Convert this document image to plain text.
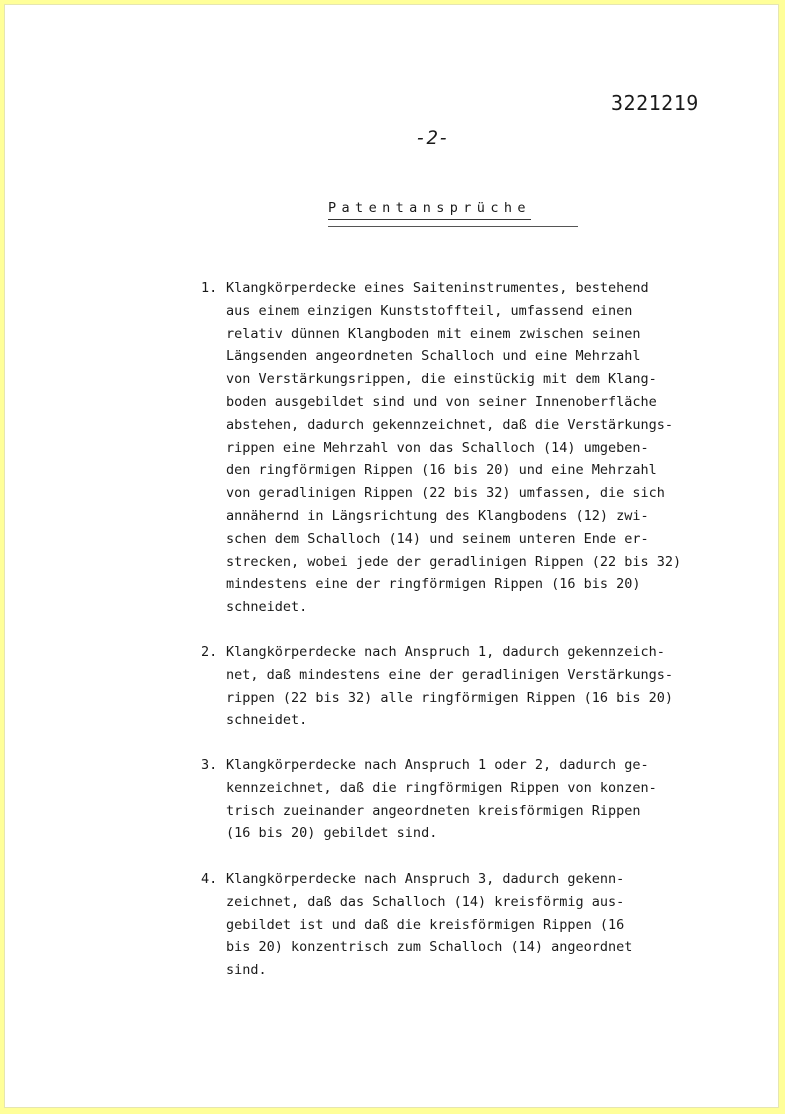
3221219
-2-
Patentansprüche
1. Klangkörperdecke eines Saiteninstrumentes, bestehend
aus einem einzigen Kunststoffteil, umfassend einen
relativ dünnen Klangboden mit einem zwischen seinen
Längsenden angeordneten Schalloch und eine Mehrzahl
von Verstärkungsrippen, die einstückig mit dem Klang-
boden ausgebildet sind und von seiner Innenoberfläche
abstehen, dadurch gekennzeichnet, daß die Verstärkungs-
rippen eine Mehrzahl von das Schalloch (14) umgeben-
den ringförmigen Rippen (16 bis 20) und eine Mehrzahl
von geradlinigen Rippen (22 bis 32) umfassen, die sich
annähernd in Längsrichtung des Klangbodens (12) zwi-
schen dem Schalloch (14) und seinem unteren Ende er-
strecken, wobei jede der geradlinigen Rippen (22 bis 32)
mindestens eine der ringförmigen Rippen (16 bis 20)
schneidet.
2. Klangkörperdecke nach Anspruch 1, dadurch gekennzeich-
net, daß mindestens eine der geradlinigen Verstärkungs-
rippen (22 bis 32) alle ringförmigen Rippen (16 bis 20)
schneidet.
3. Klangkörperdecke nach Anspruch 1 oder 2, dadurch ge-
kennzeichnet, daß die ringförmigen Rippen von konzen-
trisch zueinander angeordneten kreisförmigen Rippen
(16 bis 20) gebildet sind.
4. Klangkörperdecke nach Anspruch 3, dadurch gekenn-
zeichnet, daß das Schalloch (14) kreisförmig aus-
gebildet ist und daß die kreisförmigen Rippen (16
bis 20) konzentrisch zum Schalloch (14) angeordnet
sind.
